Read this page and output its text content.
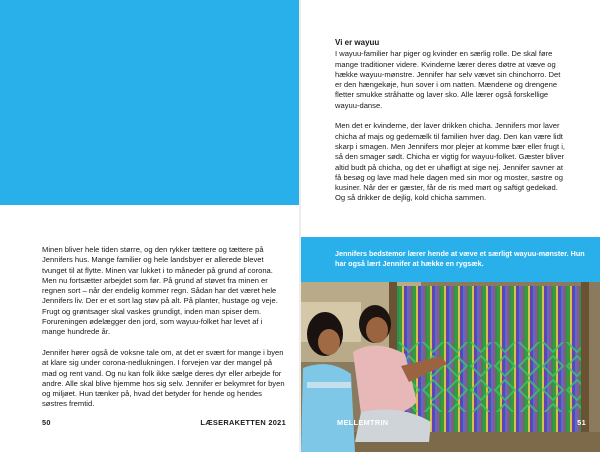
Minen bliver hele tiden større, og den rykker tættere og tættere på Jennifers hus. Mange familier og hele landsbyer er allerede blevet tvunget til at flytte. Minen var lukket i to måneder på grund af corona. Men nu fortsætter arbejdet som før. På grund af støvet fra minen er regnen sort – når der endelig kommer regn. Sådan har det været hele Jennifers liv. Der er et sort lag støv på alt. På planter, hustage og veje. Frugt og grøntsager skal vaskes grundigt, inden man spiser dem. Forureningen ødelægger den jord, som wayuu-folket har levet af i mange hundrede år.

Jennifer hører også de voksne tale om, at det er svært for mange i byen at klare sig under corona-nedlukningen. I forvejen var der mangel på mad og rent vand. Og nu kan folk ikke sælge deres dyr eller arbejde for andre. Alle skal blive hjemme hos sig selv. Jennifer er bekymret for byen og miljøet. Hun tænker på, hvad det betyder for hende og hendes søstres fremtid.

50	LÆSERAKETTEN 2021
Vi er wayuu

I wayuu-familier har piger og kvinder en særlig rolle. De skal føre mange traditioner videre. Kvinderne lærer deres døtre at væve og hække wayuu-mønstre. Jennifer har selv vævet sin chinchorro. Det er den hængekøje, hun sover i om natten. Mændene og drengene fletter smukke stråhatte og laver sko. Alle lærer også forskellige wayuu-danse.

Men det er kvinderne, der laver drikken chicha. Jennifers mor laver chicha af majs og gedemælk til familien hver dag. Den kan være lidt skarp i smagen. Men Jennifers mor plejer at komme bær eller frugt i, så den smager sødt. Chicha er vigtig for wayuu-folket. Gæster bliver altid budt på chicha, og det er uhøfligt at sige nej. Jennifer savner at få besøg og lave mad hele dagen med sin mor og moster, søstre og kusiner. Når der er gæster, får de ris med mørt og saftigt gedekød. Og så drikker de dejlig, kold chicha sammen.

Jennifers bedstemor lærer hende at væve et særligt wayuu-mønster. Hun har også lært Jennifer at hække en rygsæk.
MELLEMTRIN	51
